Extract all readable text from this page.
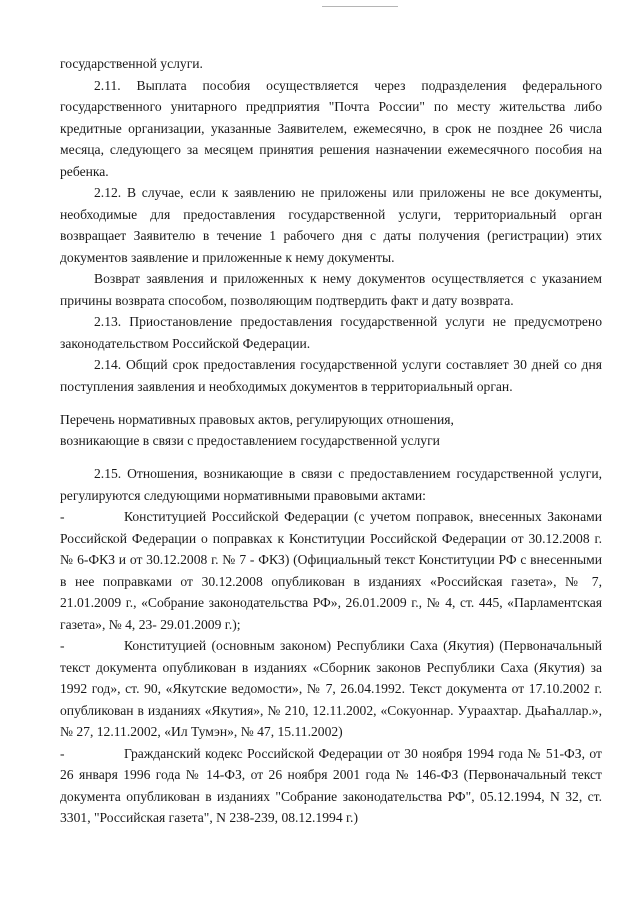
государственной услуги.

2.11. Выплата пособия осуществляется через подразделения федерального государственного унитарного предприятия "Почта России" по месту жительства либо кредитные организации, указанные Заявителем, ежемесячно, в срок не позднее 26 числа месяца, следующего за месяцем принятия решения назначении ежемесячного пособия на ребенка.

2.12. В случае, если к заявлению не приложены или приложены не все документы, необходимые для предоставления государственной услуги, территориальный орган возвращает Заявителю в течение 1 рабочего дня с даты получения (регистрации) этих документов заявление и приложенные к нему документы.

Возврат заявления и приложенных к нему документов осуществляется с указанием причины возврата способом, позволяющим подтвердить факт и дату возврата.

2.13. Приостановление предоставления государственной услуги не предусмотрено законодательством Российской Федерации.

2.14. Общий срок предоставления государственной услуги составляет 30 дней со дня поступления заявления и необходимых документов в территориальный орган.

Перечень нормативных правовых актов, регулирующих отношения,

возникающие в связи с предоставлением государственной услуги

2.15. Отношения, возникающие в связи с предоставлением государственной услуги, регулируются следующими нормативными правовыми актами:

-	Конституцией Российской Федерации (с учетом поправок, внесенных Законами Российской Федерации о поправках к Конституции Российской Федерации от 30.12.2008 г. № 6-ФКЗ и от 30.12.2008 г. № 7 - ФКЗ) (Официальный текст Конституции РФ с внесенными в нее поправками от 30.12.2008 опубликован в изданиях «Российская газета», № 7, 21.01.2009 г., «Собрание законодательства РФ», 26.01.2009 г., № 4, ст. 445, «Парламентская газета», № 4, 23- 29.01.2009 г.);

-	Конституцией (основным законом) Республики Саха (Якутия) (Первоначальный текст документа опубликован в изданиях «Сборник законов Республики Саха (Якутия) за 1992 год», ст. 90, «Якутские ведомости», № 7, 26.04.1992. Текст документа от 17.10.2002 г. опубликован в изданиях «Якутия», № 210, 12.11.2002, «Сокуоннар. Уураахтар. ДьаҺаллар.», № 27, 12.11.2002, «Ил Тумэн», № 47, 15.11.2002)

-	Гражданский кодекс Российской Федерации от 30 ноября 1994 года № 51-ФЗ, от 26 января 1996 года № 14-ФЗ, от 26 ноября 2001 года № 146-ФЗ (Первоначальный текст документа опубликован в изданиях "Собрание законодательства РФ", 05.12.1994, N 32, ст. 3301, "Российская газета", N 238-239, 08.12.1994 г.)
